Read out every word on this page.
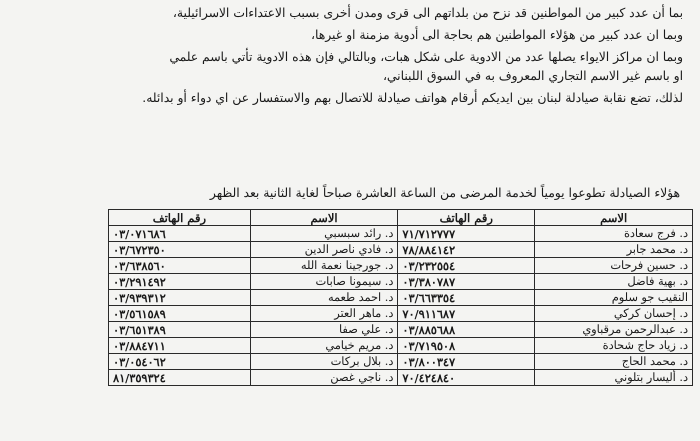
بما أن عدد كبير من المواطنين قد نزح من بلداتهم الى قرى ومدن أخرى بسبب الاعتداءات الاسرائيلية،
وبما ان عدد كبير من هؤلاء المواطنين هم بحاجة الى أدوية مزمنة او غيرها،
وبما ان مراكز الايواء يصلها عدد من الادوية على شكل هبات، وبالتالي فإن هذه الادوية تأتي باسم علمي
او باسم غير الاسم التجاري المعروف به في السوق اللبناني،
لذلك، تضع نقابة صيادلة لبنان بين ايديكم أرقام هواتف صيادلة للاتصال بهم والاستفسار عن اي دواء أو بدائله.
هؤلاء الصيادلة تطوعوا يومياً لخدمة المرضى من الساعة العاشرة صباحاً لغاية الثانية بعد الظهر
الاسم	رقم الهاتف	الاسم	رقم الهاتف
د. فرج سعادة	٧١/٧١٢٧٧٧	د. رائد سبسبي	٠٣/٠٧١٦٨٦
د. محمد جابر	٧٨/٨٨٤١٤٢	د. فادي ناصر الدين	٠٣/٦٧٢٣٥٠
د. حسين فرحات	٠٣/٢٣٢٥٥٤	د. جورجينا نعمة الله	٠٣/٦٣٨٥٦٠
د. بهية فاضل	٠٣/٣٨٠٧٨٧	د. سيمونا صابات	٠٣/٢٩١٤٩٢
النقيب جو سلوم	٠٣/٦٦٣٣٥٤	د. احمد طعمه	٠٣/٩٣٩٣١٢
د. إحسان كركي	٧٠/٩١١٦٨٧	د. ماهر العتر	٠٣/٥٦١٥٨٩
د. عبدالرحمن مرقباوي	٠٣/٨٨٥٦٨٨	د. علي صفا	٠٣/٦٥١٣٨٩
د. زياد حاج شحادة	٠٣/٧١٩٥٠٨	د. مريم خيامي	٠٣/٨٨٤٧١١
د. محمد الحاج	٠٣/٨٠٠٣٤٧	د. بلال بركات	٠٣/٠٥٤٠٦٢
د. أليسار بتلوني	٧٠/٤٢٤٨٤٠	د. ناجي غصن	٨١/٣٥٩٣٢٤
